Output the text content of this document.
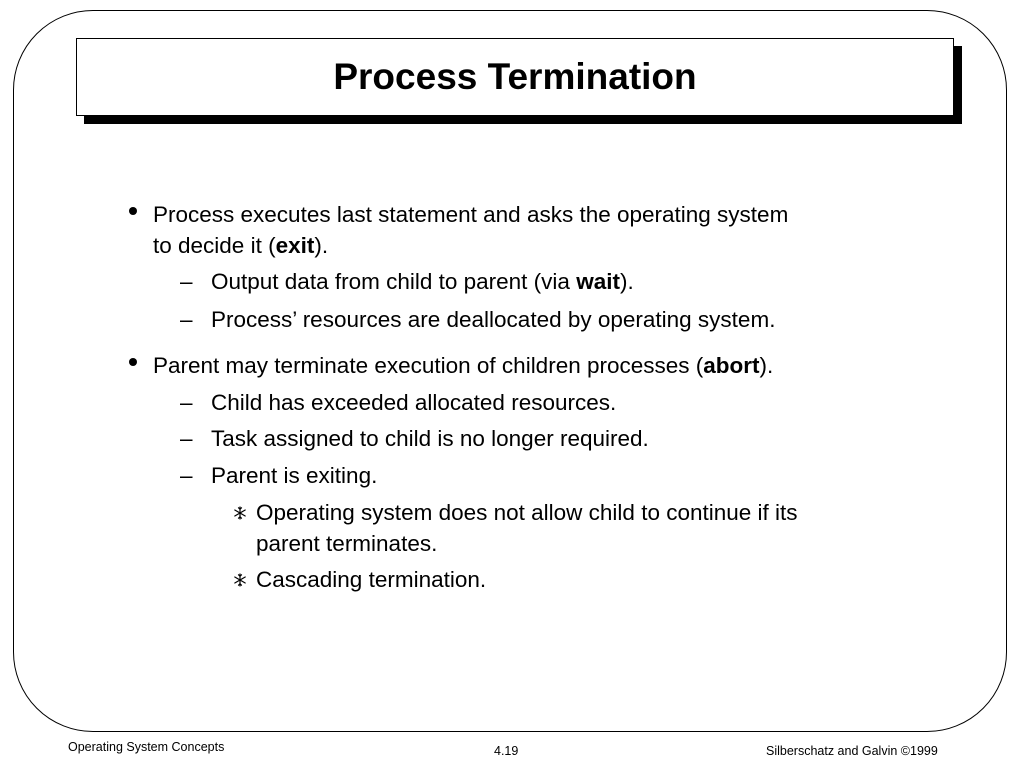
Process Termination
Process executes last statement and asks the operating system
to decide it (exit).
– Output data from child to parent (via wait).
– Process’ resources are deallocated by operating system.
Parent may terminate execution of children processes (abort).
– Child has exceeded allocated resources.
– Task assigned to child is no longer required.
– Parent is exiting.
Operating system does not allow child to continue if its
parent terminates.
Cascading termination.
Operating System Concepts	4.19	Silberschatz and Galvin ©1999
